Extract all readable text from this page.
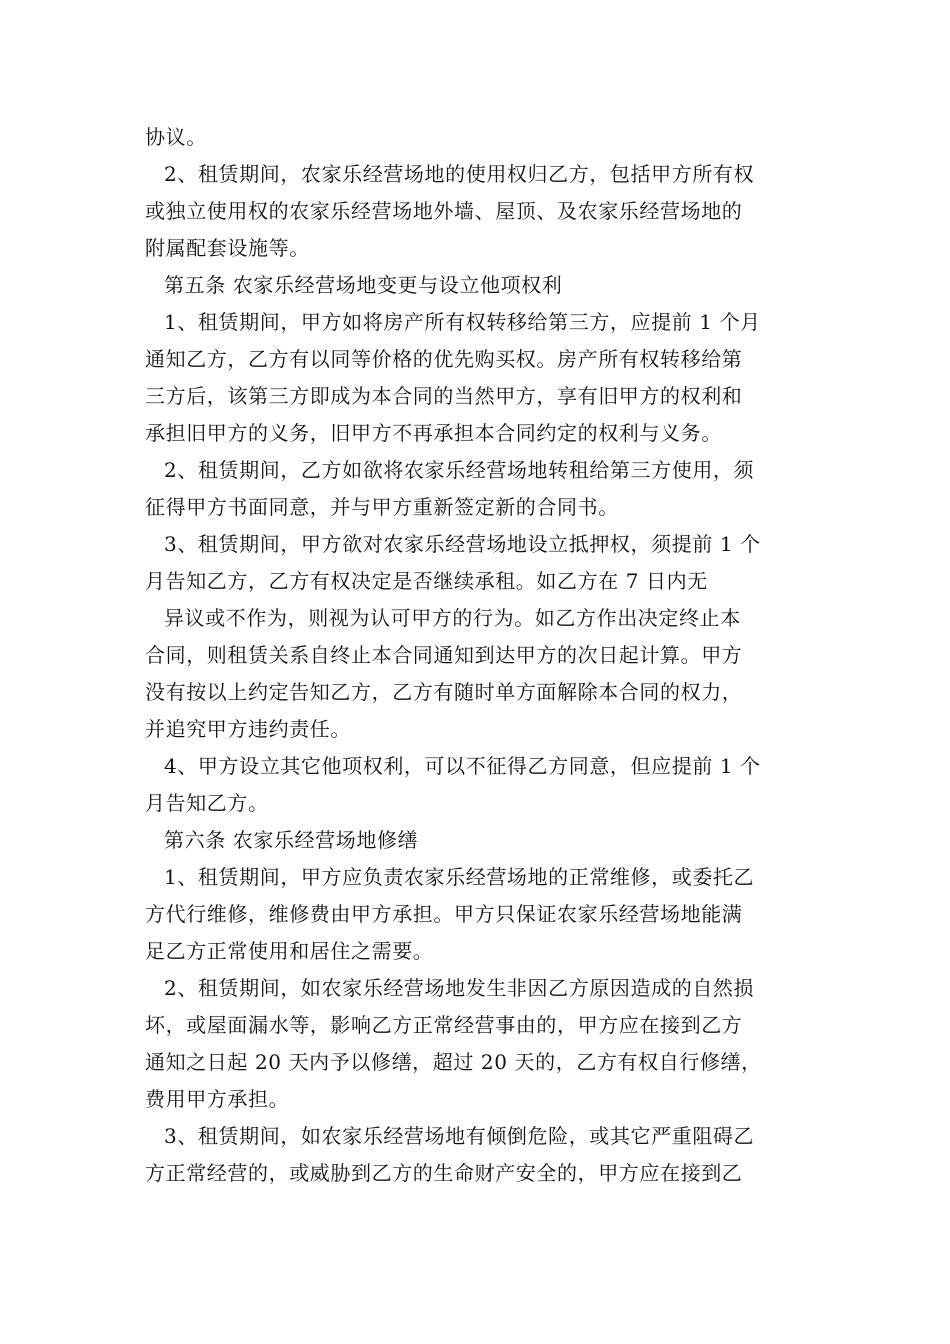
协议。
2、租赁期间，农家乐经营场地的使用权归乙方，包括甲方所有权
或独立使用权的农家乐经营场地外墙、屋顶、及农家乐经营场地的
附属配套设施等。
第五条 农家乐经营场地变更与设立他项权利
1、租赁期间，甲方如将房产所有权转移给第三方，应提前 1 个月
通知乙方，乙方有以同等价格的优先购买权。房产所有权转移给第
三方后，该第三方即成为本合同的当然甲方，享有旧甲方的权利和
承担旧甲方的义务，旧甲方不再承担本合同约定的权利与义务。
2、租赁期间，乙方如欲将农家乐经营场地转租给第三方使用，须
征得甲方书面同意，并与甲方重新签定新的合同书。
3、租赁期间，甲方欲对农家乐经营场地设立抵押权，须提前 1 个
月告知乙方，乙方有权决定是否继续承租。如乙方在 7 日内无
异议或不作为，则视为认可甲方的行为。如乙方作出决定终止本
合同，则租赁关系自终止本合同通知到达甲方的次日起计算。甲方
没有按以上约定告知乙方，乙方有随时单方面解除本合同的权力，
并追究甲方违约责任。
4、甲方设立其它他项权利，可以不征得乙方同意，但应提前 1 个
月告知乙方。
第六条 农家乐经营场地修缮
1、租赁期间，甲方应负责农家乐经营场地的正常维修，或委托乙
方代行维修，维修费由甲方承担。甲方只保证农家乐经营场地能满
足乙方正常使用和居住之需要。
2、租赁期间，如农家乐经营场地发生非因乙方原因造成的自然损
坏，或屋面漏水等，影响乙方正常经营事由的，甲方应在接到乙方
通知之日起 20 天内予以修缮，超过 20 天的，乙方有权自行修缮，
费用甲方承担。
3、租赁期间，如农家乐经营场地有倾倒危险，或其它严重阻碍乙
方正常经营的，或威胁到乙方的生命财产安全的，甲方应在接到乙
